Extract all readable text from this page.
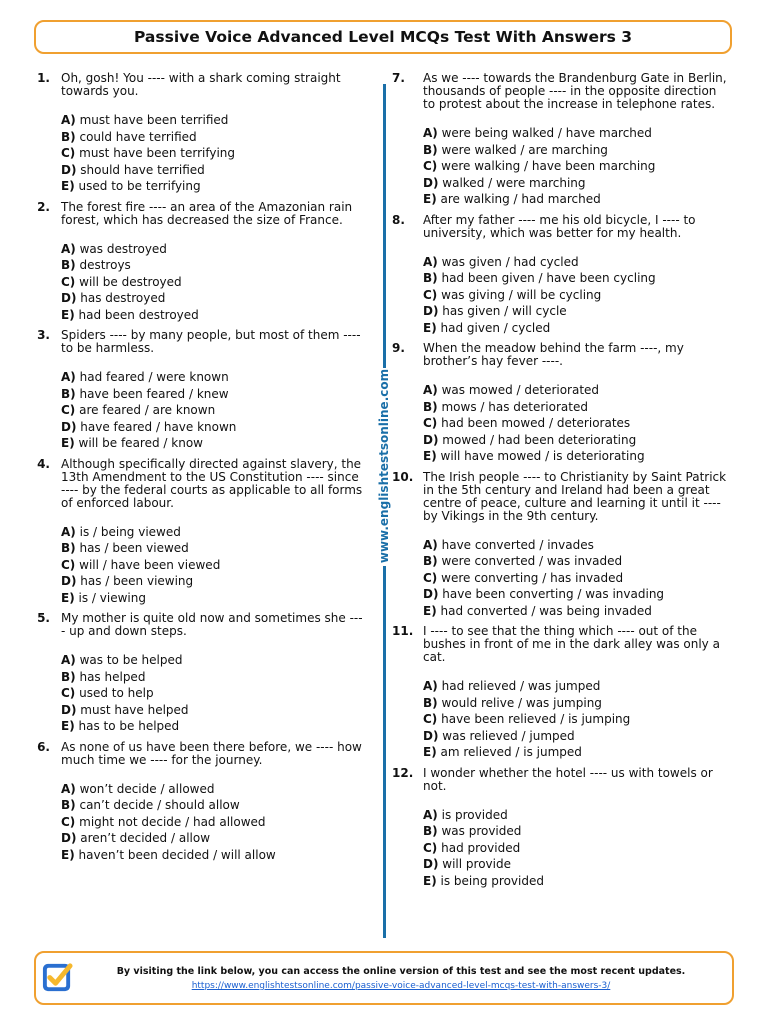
Passive Voice Advanced Level MCQs Test With Answers 3
1. Oh, gosh! You ---- with a shark coming straight towards you.
A) must have been terrified
B) could have terrified
C) must have been terrifying
D) should have terrified
E) used to be terrifying
2. The forest fire ---- an area of the Amazonian rain forest, which has decreased the size of France.
A) was destroyed
B) destroys
C) will be destroyed
D) has destroyed
E) had been destroyed
3. Spiders ---- by many people, but most of them ---- to be harmless.
A) had feared / were known
B) have been feared / knew
C) are feared / are known
D) have feared / have known
E) will be feared / know
4. Although specifically directed against slavery, the 13th Amendment to the US Constitution ---- since ---- by the federal courts as applicable to all forms of enforced labour.
A) is / being viewed
B) has / been viewed
C) will / have been viewed
D) has / been viewing
E) is / viewing
5. My mother is quite old now and sometimes she ---- up and down steps.
A) was to be helped
B) has helped
C) used to help
D) must have helped
E) has to be helped
6. As none of us have been there before, we ---- how much time we ---- for the journey.
A) won’t decide / allowed
B) can’t decide / should allow
C) might not decide / had allowed
D) aren’t decided / allow
E) haven’t been decided / will allow
7.	As we ---- towards the Brandenburg Gate in Berlin, thousands of people ---- in the opposite direction to protest about the increase in telephone rates.
A) were being walked / have marched
B) were walked / are marching
C) were walking / have been marching
D) walked / were marching
E) are walking / had marched
8.	After my father ---- me his old bicycle, I ---- to university, which was better for my health.
A) was given / had cycled
B) had been given / have been cycling
C) was giving / will be cycling
D) has given / will cycle
E) had given / cycled
9.	When the meadow behind the farm ----, my brother’s hay fever ----.
A) was mowed / deteriorated
B) mows / has deteriorated
C) had been mowed / deteriorates
D) mowed / had been deteriorating
E) will have mowed / is deteriorating
10. The Irish people ---- to Christianity by Saint Patrick in the 5th century and Ireland had been a great centre of peace, culture and learning it until it ---- by Vikings in the 9th century.
A) have converted / invades
B) were converted / was invaded
C) were converting / has invaded
D) have been converting / was invading
E) had converted / was being invaded
11. I ---- to see that the thing which ---- out of the bushes in front of me in the dark alley was only a cat.
A) had relieved / was jumped
B) would relive / was jumping
C) have been relieved / is jumping
D) was relieved / jumped
E) am relieved / is jumped
12. I wonder whether the hotel ---- us with towels or not.
A) is provided
B) was provided
C) had provided
D) will provide
E) is being provided
www.englishtestsonline.com
By visiting the link below, you can access the online version of this test and see the most recent updates.
https://www.englishtestsonline.com/passive-voice-advanced-level-mcqs-test-with-answers-3/
